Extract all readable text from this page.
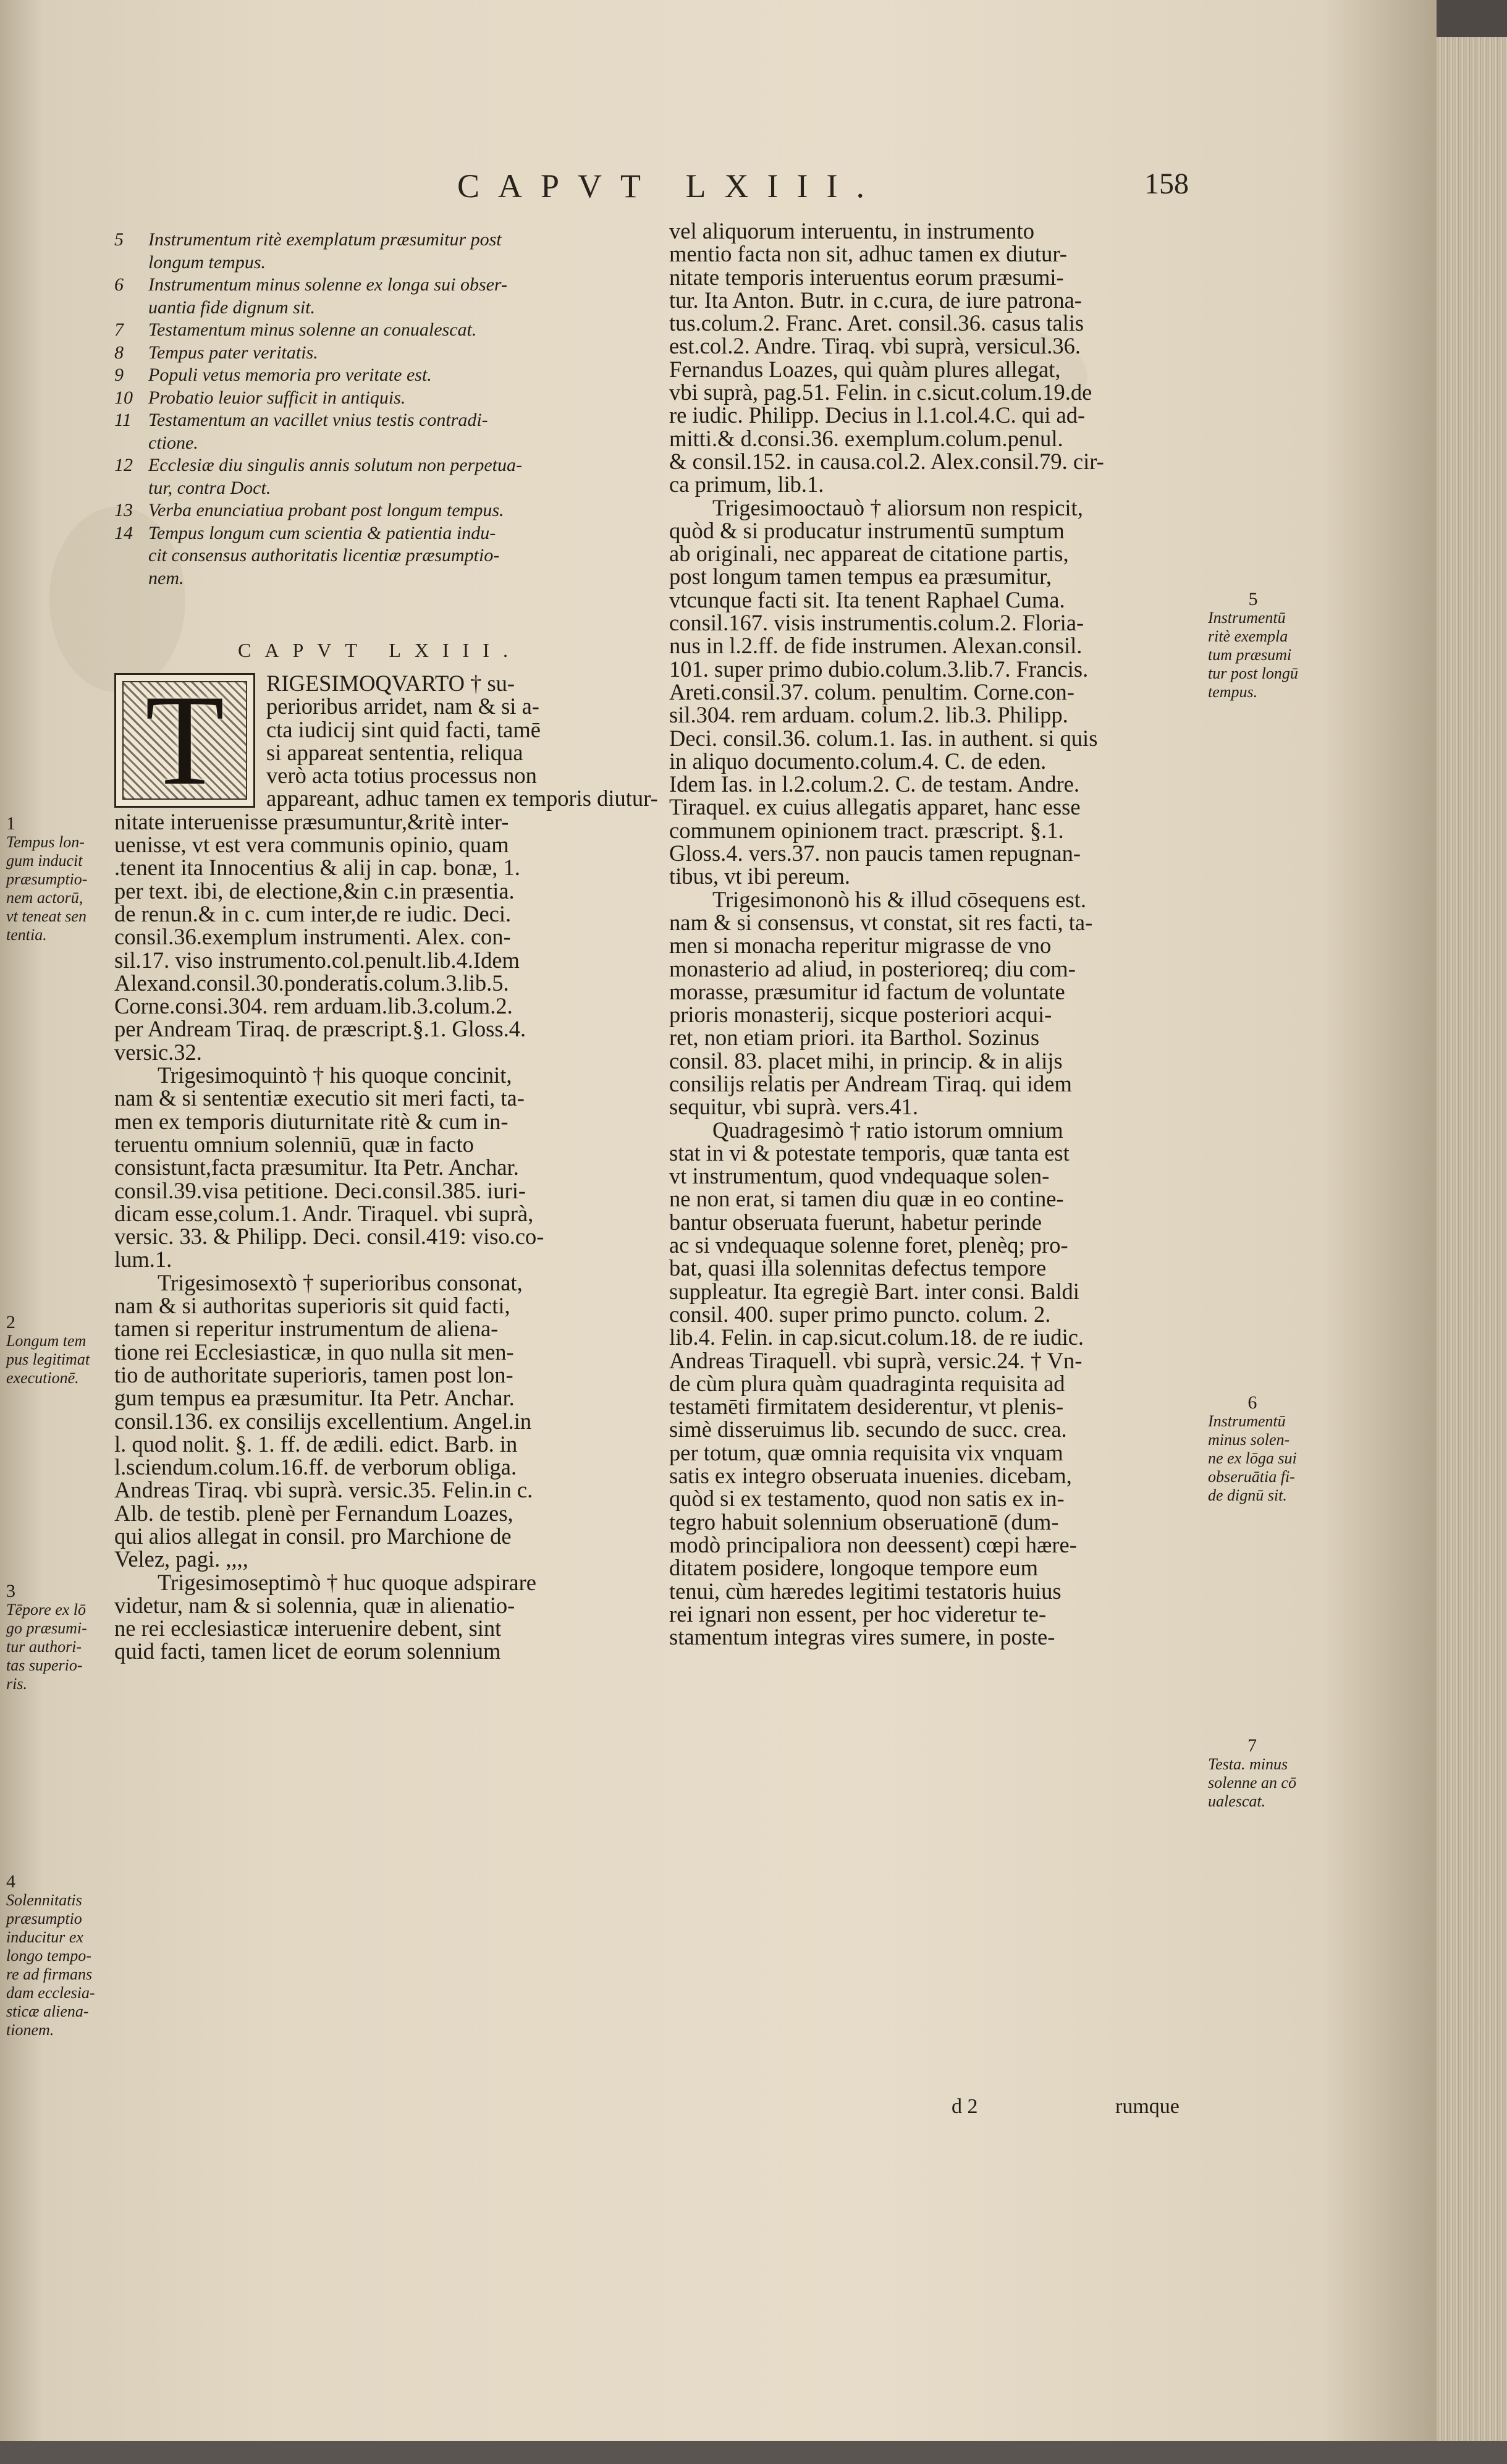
CAPVT LXIII.	158
5	Instrumentum ritè exemplatum præsumitur post
longum tempus.
6	Instrumentum minus solenne ex longa sui obser-
uantia fide dignum sit.
7	Testamentum minus solenne an conualescat.
8	Tempus pater veritatis.
9	Populi vetus memoria pro veritate est.
10 Probatio leuior sufficit in antiquis.
11 Testamentum an vacillet vnius testis contradi-
ctione.
12 Ecclesiæ diu singulis annis solutum non perpetua-
tur, contra Doct.
13 Verba enunciatiua probant post longum tempus.
14 Tempus longum cum scientia & patientia indu-
cit consensus authoritatis licentiæ præsumptio-
nem.
CAPVT LXIII.
T	RIGESIMOQVARTO † su-
perioribus arridet, nam & si a-
cta iudicij sint quid facti, tamē
si appareat sententia, reliqua
verò acta totius processus non
appareant, adhuc tamen ex temporis diutur-
nitate interuenisse præsumuntur,&ritè inter-
uenisse, vt est vera communis opinio, quam
.tenent ita Innocentius & alij in cap. bonæ, 1.
per text. ibi, de electione,&in c.in præsentia.
de renun.& in c. cum inter,de re iudic. Deci.
consil.36.exemplum instrumenti. Alex. con-
sil.17. viso instrumento.col.penult.lib.4.Idem
Alexand.consil.30.ponderatis.colum.3.lib.5.
Corne.consi.304. rem arduam.lib.3.colum.2.
per Andream Tiraq. de præscript.§.1. Gloss.4.
versic.32.
Trigesimoquintò † his quoque concinit,
nam & si sententiæ executio sit meri facti, ta-
men ex temporis diuturnitate ritè & cum in-
teruentu omnium solenniū, quæ in facto
consistunt,facta præsumitur. Ita Petr. Anchar.
consil.39.visa petitione. Deci.consil.385. iuri-
dicam esse,colum.1. Andr. Tiraquel. vbi suprà,
versic. 33. & Philipp. Deci. consil.419: viso.co-
lum.1.
Trigesimosextò † superioribus consonat,
nam & si authoritas superioris sit quid facti,
tamen si reperitur instrumentum de aliena-
tione rei Ecclesiasticæ, in quo nulla sit men-
tio de authoritate superioris, tamen post lon-
gum tempus ea præsumitur. Ita Petr. Anchar.
consil.136. ex consilijs excellentium. Angel.in
l. quod nolit. §. 1. ff. de ædili. edict. Barb. in
l.sciendum.colum.16.ff. de verborum obliga.
Andreas Tiraq. vbi suprà. versic.35. Felin.in c.
Alb. de testib. plenè per Fernandum Loazes,
qui alios allegat in consil. pro Marchione de
Velez, pagi. ,,,,
Trigesimoseptimò † huc quoque adspirare
videtur, nam & si solennia, quæ in alienatio-
ne rei ecclesiasticæ interuenire debent, sint
quid facti, tamen licet de eorum solennium
vel aliquorum interuentu, in instrumento
mentio facta non sit, adhuc tamen ex diutur-
nitate temporis interuentus eorum præsumi-
tur. Ita Anton. Butr. in c.cura, de iure patrona-
tus.colum.2. Franc. Aret. consil.36. casus talis
est.col.2. Andre. Tiraq. vbi suprà, versicul.36.
Fernandus Loazes, qui quàm plures allegat,
vbi suprà, pag.51. Felin. in c.sicut.colum.19.de
re iudic. Philipp. Decius in l.1.col.4.C. qui ad-
mitti.& d.consi.36. exemplum.colum.penul.
& consil.152. in causa.col.2. Alex.consil.79. cir-
ca primum, lib.1.
Trigesimooctauò † aliorsum non respicit,
quòd & si producatur instrumentū sumptum
ab originali, nec appareat de citatione partis,
post longum tamen tempus ea præsumitur,
vtcunque facti sit. Ita tenent Raphael Cuma.
consil.167. visis instrumentis.colum.2. Floria-
nus in l.2.ff. de fide instrumen. Alexan.consil.
101. super primo dubio.colum.3.lib.7. Francis.
Areti.consil.37. colum. penultim. Corne.con-
sil.304. rem arduam. colum.2. lib.3. Philipp.
Deci. consil.36. colum.1. Ias. in authent. si quis
in aliquo documento.colum.4. C. de eden.
Idem Ias. in l.2.colum.2. C. de testam. Andre.
Tiraquel. ex cuius allegatis apparet, hanc esse
communem opinionem tract. præscript. §.1.
Gloss.4. vers.37. non paucis tamen repugnan-
tibus, vt ibi pereum.
Trigesimononò his & illud cōsequens est.
nam & si consensus, vt constat, sit res facti, ta-
men si monacha reperitur migrasse de vno
monasterio ad aliud, in posterioreq; diu com-
morasse, præsumitur id factum de voluntate
prioris monasterij, sicque posteriori acqui-
ret, non etiam priori. ita Barthol. Sozinus
consil. 83. placet mihi, in princip. & in alijs
consilijs relatis per Andream Tiraq. qui idem
sequitur, vbi suprà. vers.41.
Quadragesimò † ratio istorum omnium
stat in vi & potestate temporis, quæ tanta est
vt instrumentum, quod vndequaque solen-
ne non erat, si tamen diu quæ in eo contine-
bantur obseruata fuerunt, habetur perinde
ac si vndequaque solenne foret, plenèq; pro-
bat, quasi illa solennitas defectus tempore
suppleatur. Ita egregiè Bart. inter consi. Baldi
consil. 400. super primo puncto. colum. 2.
lib.4. Felin. in cap.sicut.colum.18. de re iudic.
Andreas Tiraquell. vbi suprà, versic.24. † Vn-
de cùm plura quàm quadraginta requisita ad
testamēti firmitatem desiderentur, vt plenis-
simè disseruimus lib. secundo de succ. crea.
per totum, quæ omnia requisita vix vnquam
satis ex integro obseruata inuenies. dicebam,
quòd si ex testamento, quod non satis ex in-
tegro habuit solennium obseruationē (dum-
modò principaliora non deessent) cœpi hære-
ditatem posidere, longoque tempore eum
tenui, cùm hæredes legitimi testatoris huius
rei ignari non essent, per hoc videretur te-
stamentum integras vires sumere, in poste-
1
Tempus lon-
gum inducit
præsumptio-
nem actorū,
vt teneat sen
tentia.
2
Longum tem
pus legitimat
executionē.
3
Tēpore ex lō
go præsumi-
tur authori-
tas superio-
ris.
4
Solennitatis
præsumptio
inducitur ex
longo tempo-
re ad firmans
dam ecclesia-
sticæ aliena-
tionem.
5
Instrumentū
ritè exempla
tum præsumi
tur post longū
tempus.
6
Instrumentū
minus solen-
ne ex lōga sui
obseruātia fi-
de dignū sit.
7
Testa. minus
solenne an cō
ualescat.
d 2	rumque
